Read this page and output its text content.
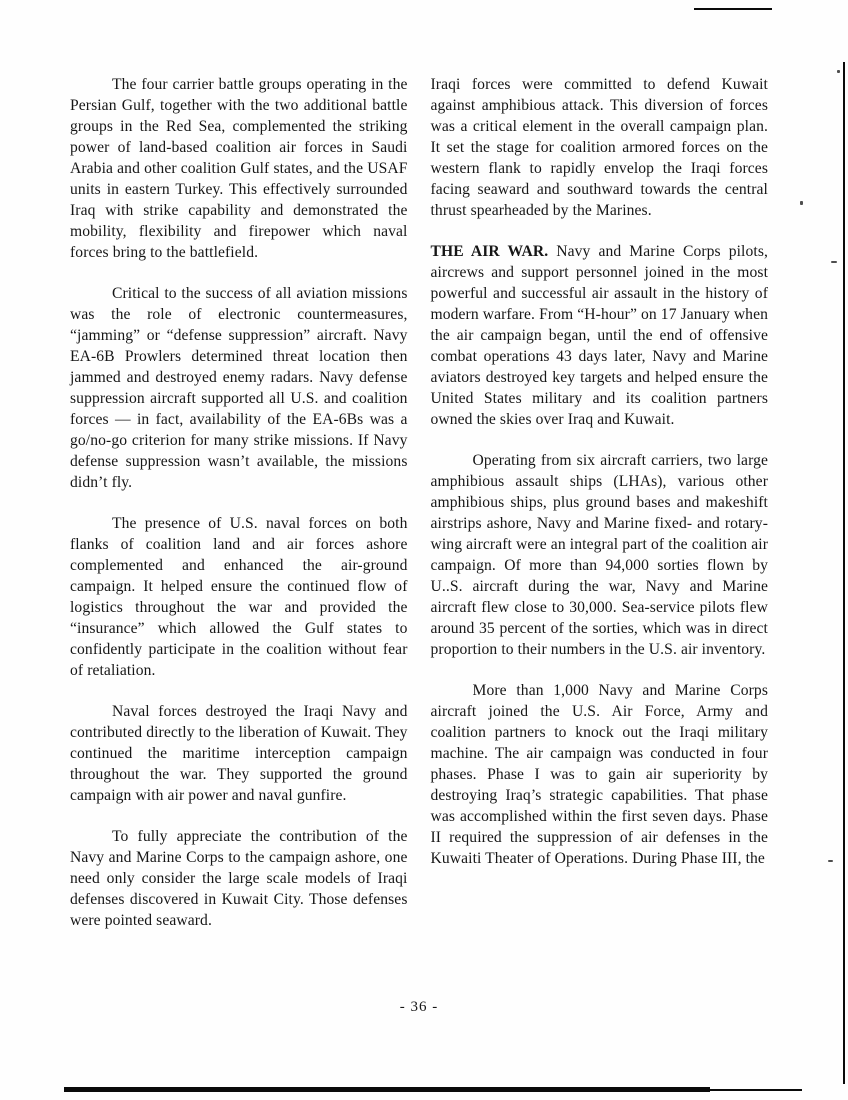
The four carrier battle groups operating in the Persian Gulf, together with the two additional battle groups in the Red Sea, complemented the striking power of land-based coalition air forces in Saudi Arabia and other coalition Gulf states, and the USAF units in eastern Turkey. This effectively surrounded Iraq with strike capability and demonstrated the mobility, flexibility and firepower which naval forces bring to the battlefield.

Critical to the success of all aviation missions was the role of electronic countermeasures, “jamming” or “defense suppression” aircraft. Navy EA-6B Prowlers determined threat location then jammed and destroyed enemy radars. Navy defense suppression aircraft supported all U.S. and coalition forces — in fact, availability of the EA-6Bs was a go/no-go criterion for many strike missions. If Navy defense suppression wasn’t available, the missions didn’t fly.

The presence of U.S. naval forces on both flanks of coalition land and air forces ashore complemented and enhanced the air-ground campaign. It helped ensure the continued flow of logistics throughout the war and provided the “insurance” which allowed the Gulf states to confidently participate in the coalition without fear of retaliation.

Naval forces destroyed the Iraqi Navy and contributed directly to the liberation of Kuwait. They continued the maritime interception campaign throughout the war. They supported the ground campaign with air power and naval gunfire.

To fully appreciate the contribution of the Navy and Marine Corps to the campaign ashore, one need only consider the large scale models of Iraqi defenses discovered in Kuwait City. Those defenses were pointed seaward.

Iraqi forces were committed to defend Kuwait against amphibious attack. This diversion of forces was a critical element in the overall campaign plan. It set the stage for coalition armored forces on the western flank to rapidly envelop the Iraqi forces facing seaward and southward towards the central thrust spearheaded by the Marines.

THE AIR WAR. Navy and Marine Corps pilots, aircrews and support personnel joined in the most powerful and successful air assault in the history of modern warfare. From “H-hour” on 17 January when the air campaign began, until the end of offensive combat operations 43 days later, Navy and Marine aviators destroyed key targets and helped ensure the United States military and its coalition partners owned the skies over Iraq and Kuwait.

Operating from six aircraft carriers, two large amphibious assault ships (LHAs), various other amphibious ships, plus ground bases and makeshift airstrips ashore, Navy and Marine fixed- and rotary-wing aircraft were an integral part of the coalition air campaign. Of more than 94,000 sorties flown by U..S. aircraft during the war, Navy and Marine aircraft flew close to 30,000. Sea-service pilots flew around 35 percent of the sorties, which was in direct proportion to their numbers in the U.S. air inventory.

More than 1,000 Navy and Marine Corps aircraft joined the U.S. Air Force, Army and coalition partners to knock out the Iraqi military machine. The air campaign was conducted in four phases. Phase I was to gain air superiority by destroying Iraq’s strategic capabilities. That phase was accomplished within the first seven days. Phase II required the suppression of air defenses in the Kuwaiti Theater of Operations. During Phase III, the

- 36 -
